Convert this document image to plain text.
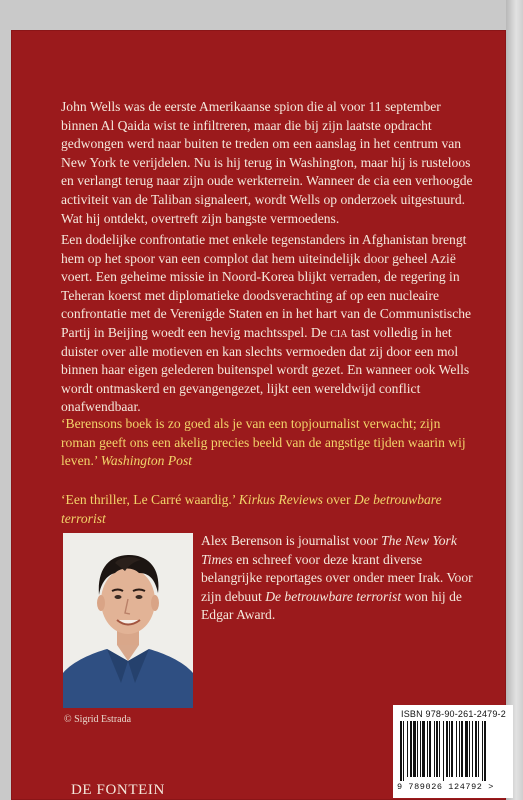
John Wells was de eerste Amerikaanse spion die al voor 11 september binnen Al Qaida wist te infiltreren, maar die bij zijn laatste opdracht gedwongen werd naar buiten te treden om een aanslag in het centrum van New York te verijdelen. Nu is hij terug in Washington, maar hij is rusteloos en verlangt terug naar zijn oude werkterrein. Wanneer de cia een verhoogde activiteit van de Taliban signaleert, wordt Wells op onderzoek uitgestuurd. Wat hij ontdekt, overtreft zijn bangste vermoedens.

Een dodelijke confrontatie met enkele tegenstanders in Afghanistan brengt hem op het spoor van een complot dat hem uiteindelijk door geheel Azië voert. Een geheime missie in Noord-Korea blijkt verraden, de regering in Teheran koerst met diplomatieke doodsverachting af op een nucleaire confrontatie met de Verenigde Staten en in het hart van de Communistische Partij in Beijing woedt een hevig machtsspel. De cia tast volledig in het duister over alle motieven en kan slechts vermoeden dat zij door een mol binnen haar eigen gelederen buitenspel wordt gezet. En wanneer ook Wells wordt ontmaskerd en gevangengezet, lijkt een wereldwijd conflict onafwendbaar.

‘Berensons boek is zo goed als je van een topjournalist verwacht; zijn roman geeft ons een akelig precies beeld van de angstige tijden waarin wij leven.’ Washington Post

‘Een thriller, Le Carré waardig.’ Kirkus Reviews over De betrouwbare terrorist

© Sigrid Estrada

Alex Berenson is journalist voor The New York Times en schreef voor deze krant diverse belangrijke reportages over onder meer Irak. Voor zijn debuut De betrouwbare terrorist won hij de Edgar Award.

DE FONTEIN

ISBN 978-90-261-2479-2

9 789026 124792 >
